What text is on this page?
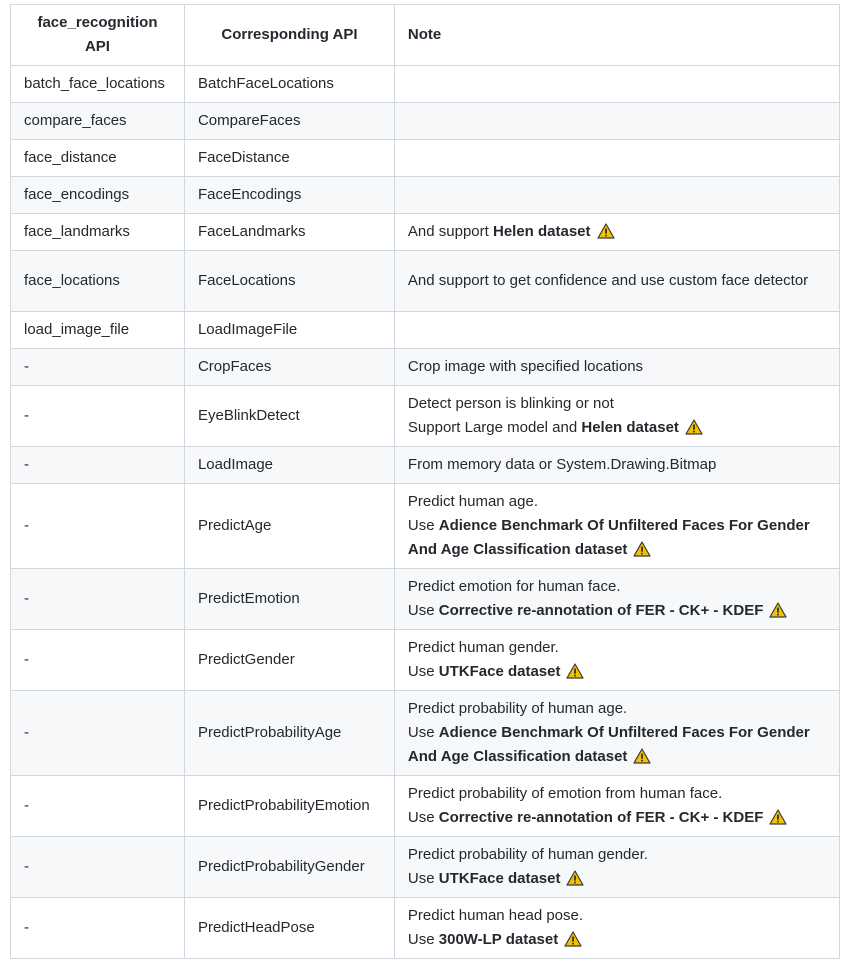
face_recognition API	Corresponding API	Note
batch_face_locations	BatchFaceLocations	
compare_faces	CompareFaces	
face_distance	FaceDistance	
face_encodings	FaceEncodings	
face_landmarks	FaceLandmarks	And support Helen dataset

face_locations	FaceLocations	And support to get confidence and use custom face detector

load_image_file	LoadImageFile	
-	CropFaces	Crop image with specified locations

-	EyeBlinkDetect	Detect person is blinking or not
Support Large model and Helen dataset

-	LoadImage	From memory data or System.Drawing.Bitmap

-	PredictAge	Predict human age.
Use Adience Benchmark Of Unfiltered Faces For Gender And Age Classification dataset

-	PredictEmotion	Predict emotion for human face.
Use Corrective re-annotation of FER - CK+ - KDEF

-	PredictGender	Predict human gender.
Use UTKFace dataset

-	PredictProbabilityAge	Predict probability of human age.
Use Adience Benchmark Of Unfiltered Faces For Gender And Age Classification dataset

-	PredictProbabilityEmotion	Predict probability of emotion from human face.
Use Corrective re-annotation of FER - CK+ - KDEF

-	PredictProbabilityGender	Predict probability of human gender.
Use UTKFace dataset

-	PredictHeadPose	Predict human head pose.
Use 300W-LP dataset
